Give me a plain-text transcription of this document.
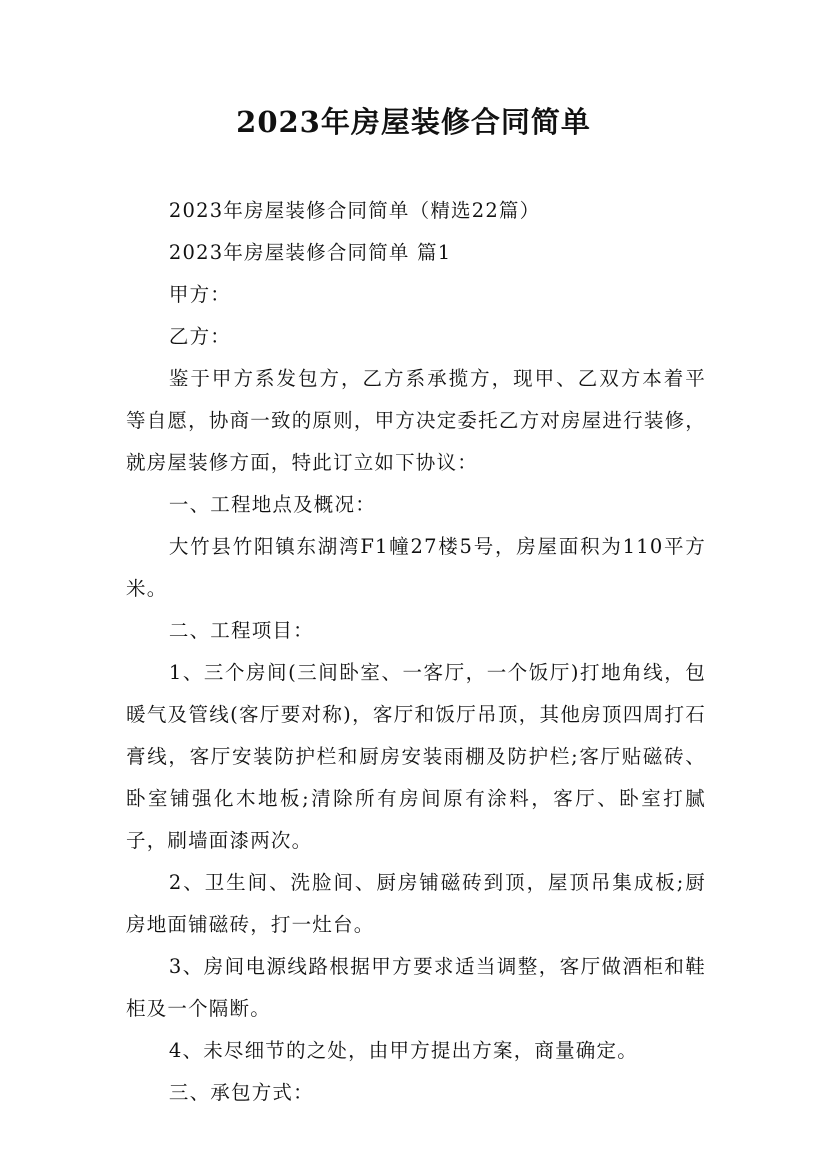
2023年房屋装修合同简单

2023年房屋装修合同简单（精选22篇）

2023年房屋装修合同简单 篇1

甲方：

乙方：

鉴于甲方系发包方，乙方系承揽方，现甲、乙双方本着平等自愿，协商一致的原则，甲方决定委托乙方对房屋进行装修，就房屋装修方面，特此订立如下协议：

一、工程地点及概况：

大竹县竹阳镇东湖湾F1幢27楼5号，房屋面积为110平方米。

二、工程项目：

1、三个房间(三间卧室、一客厅，一个饭厅)打地角线，包暖气及管线(客厅要对称)，客厅和饭厅吊顶，其他房顶四周打石膏线，客厅安装防护栏和厨房安装雨棚及防护栏;客厅贴磁砖、卧室铺强化木地板;清除所有房间原有涂料，客厅、卧室打腻子，刷墙面漆两次。

2、卫生间、洗脸间、厨房铺磁砖到顶，屋顶吊集成板;厨房地面铺磁砖，打一灶台。

3、房间电源线路根据甲方要求适当调整，客厅做酒柜和鞋柜及一个隔断。

4、未尽细节的之处，由甲方提出方案，商量确定。

三、承包方式：
